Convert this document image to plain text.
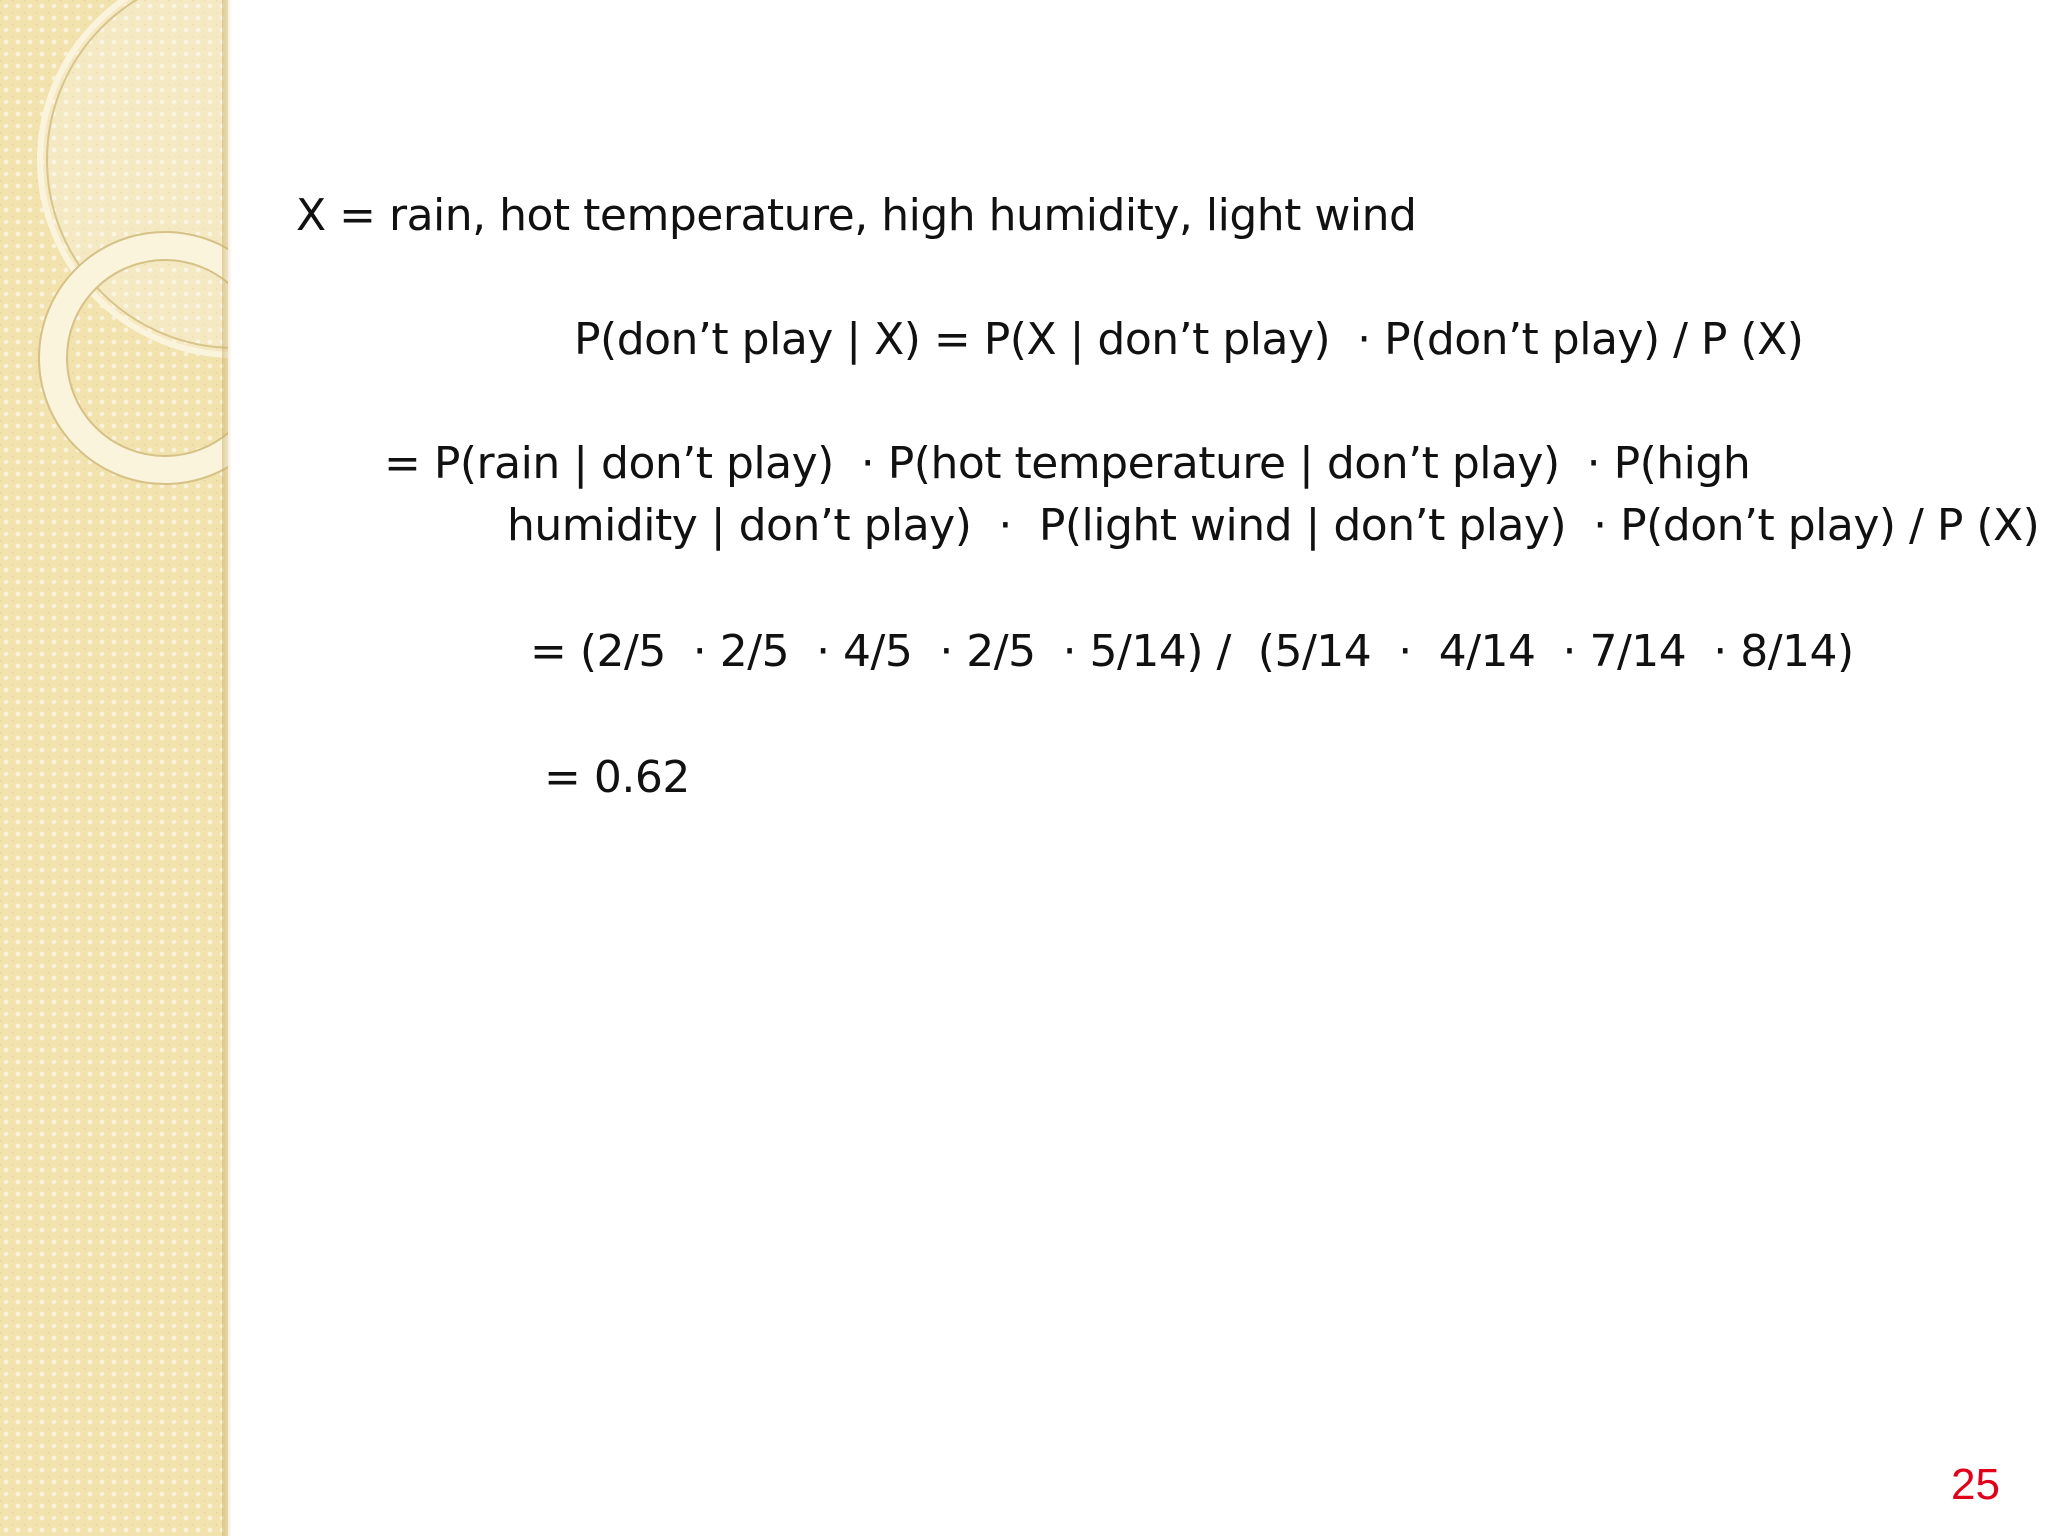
X = rain, hot temperature, high humidity, light wind
P(don’t play | X) = P(X | don’t play)  · P(don’t play) / P (X)
= P(rain | don’t play)  · P(hot temperature | don’t play)  · P(high
humidity | don’t play)  ·  P(light wind | don’t play)  · P(don’t play) / P (X)
= (2/5  · 2/5  · 4/5  · 2/5  · 5/14) /  (5/14  ·  4/14  · 7/14  · 8/14)
= 0.62
25
